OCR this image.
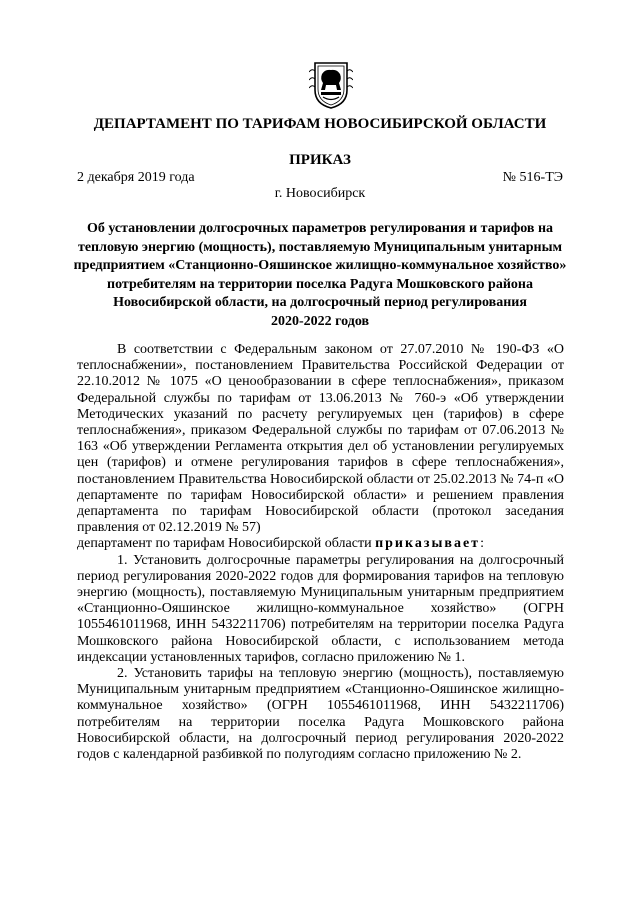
ДЕПАРТАМЕНТ ПО ТАРИФАМ НОВОСИБИРСКОЙ ОБЛАСТИ
ПРИКАЗ
2 декабря 2019 года	№ 516-ТЭ
г. Новосибирск
Об установлении долгосрочных параметров регулирования и тарифов на
тепловую энергию (мощность), поставляемую Муниципальным унитарным
предприятием «Станционно-Ояшинское жилищно-коммунальное хозяйство»
потребителям на территории поселка Радуга Мошковского района
Новосибирской области, на долгосрочный период регулирования
2020-2022 годов

В соответствии с Федеральным законом от 27.07.2010 № 190-ФЗ «О теплоснабжении», постановлением Правительства Российской Федерации от 22.10.2012 № 1075 «О ценообразовании в сфере теплоснабжения», приказом Федеральной службы по тарифам от 13.06.2013 № 760-э «Об утверждении Методических указаний по расчету регулируемых цен (тарифов) в сфере теплоснабжения», приказом Федеральной службы по тарифам от 07.06.2013 № 163 «Об утверждении Регламента открытия дел об установлении регулируемых цен (тарифов) и отмене регулирования тарифов в сфере теплоснабжения», постановлением Правительства Новосибирской области от 25.02.2013 № 74-п «О департаменте по тарифам Новосибирской области» и решением правления департамента по тарифам Новосибирской области (протокол заседания правления от 02.12.2019 № 57)

департамент по тарифам Новосибирской области приказывает:

1. Установить долгосрочные параметры регулирования на долгосрочный период регулирования 2020-2022 годов для формирования тарифов на тепловую энергию (мощность), поставляемую Муниципальным унитарным предприятием «Станционно-Ояшинское жилищно-коммунальное хозяйство» (ОГРН 1055461011968, ИНН 5432211706) потребителям на территории поселка Радуга Мошковского района Новосибирской области, с использованием метода индексации установленных тарифов, согласно приложению № 1.

2. Установить тарифы на тепловую энергию (мощность), поставляемую Муниципальным унитарным предприятием «Станционно-Ояшинское жилищно-коммунальное хозяйство» (ОГРН 1055461011968, ИНН 5432211706) потребителям на территории поселка Радуга Мошковского района Новосибирской области, на долгосрочный период регулирования 2020-2022 годов с календарной разбивкой по полугодиям согласно приложению № 2.
